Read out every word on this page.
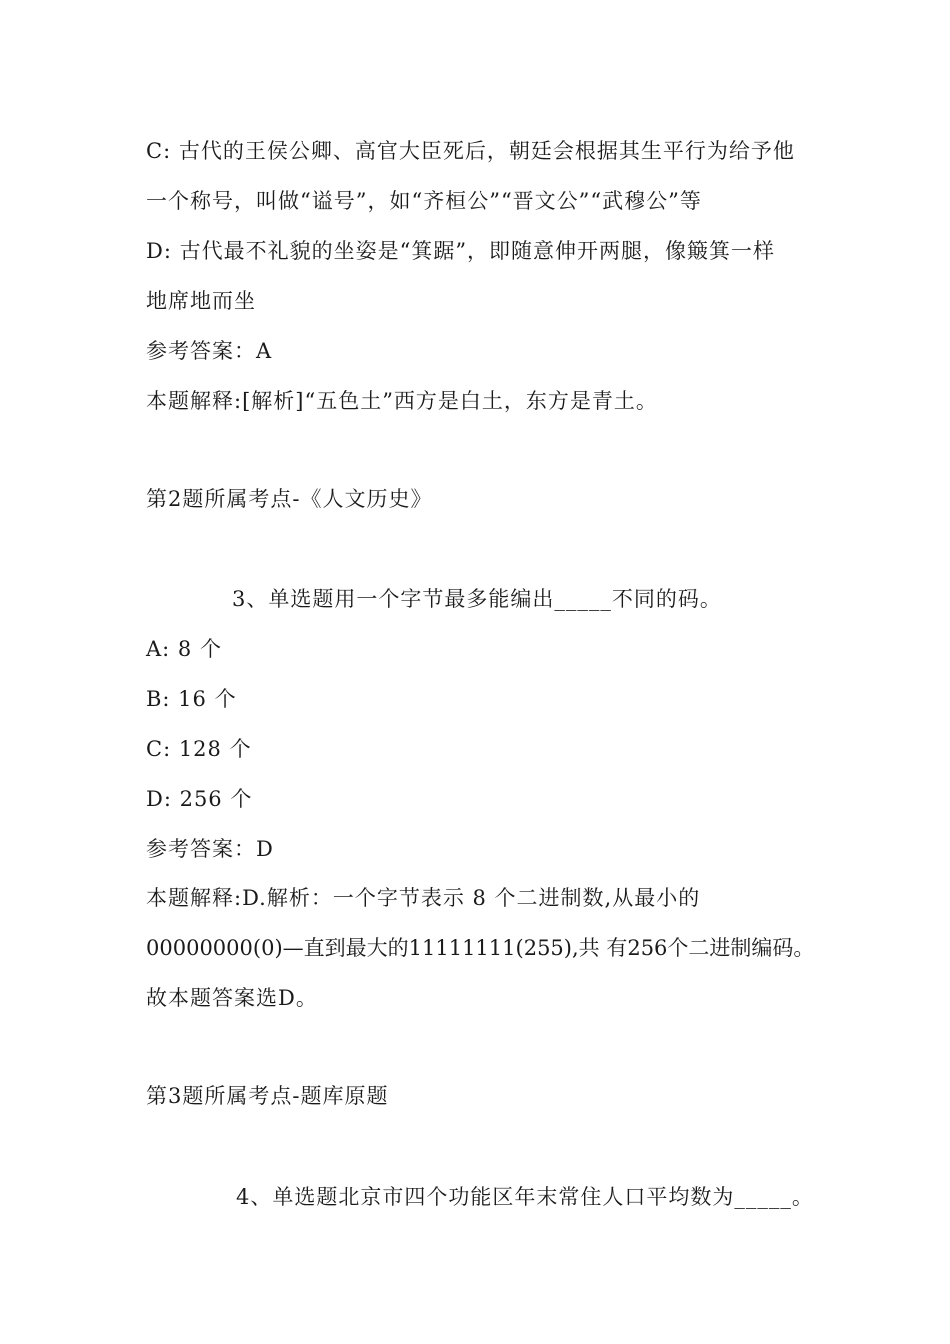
C: 古代的王侯公卿、高官大臣死后，朝廷会根据其生平行为给予他
一个称号，叫做“谥号”，如“齐桓公”“晋文公”“武穆公”等
D: 古代最不礼貌的坐姿是“箕踞”，即随意伸开两腿，像簸箕一样
地席地而坐
参考答案：A
本题解释:[解析]“五色土”西方是白土，东方是青土。
第2题所属考点-《人文历史》
3、单选题用一个字节最多能编出_____不同的码。
A: 8 个
B: 16 个
C: 128 个
D: 256 个
参考答案：D
本题解释:D.解析：一个字节表示 8 个二进制数,从最小的
00000000(0)—直到最大的11111111(255),共 有256个二进制编码。
故本题答案选D。
第3题所属考点-题库原题
4、单选题北京市四个功能区年末常住人口平均数为_____。
